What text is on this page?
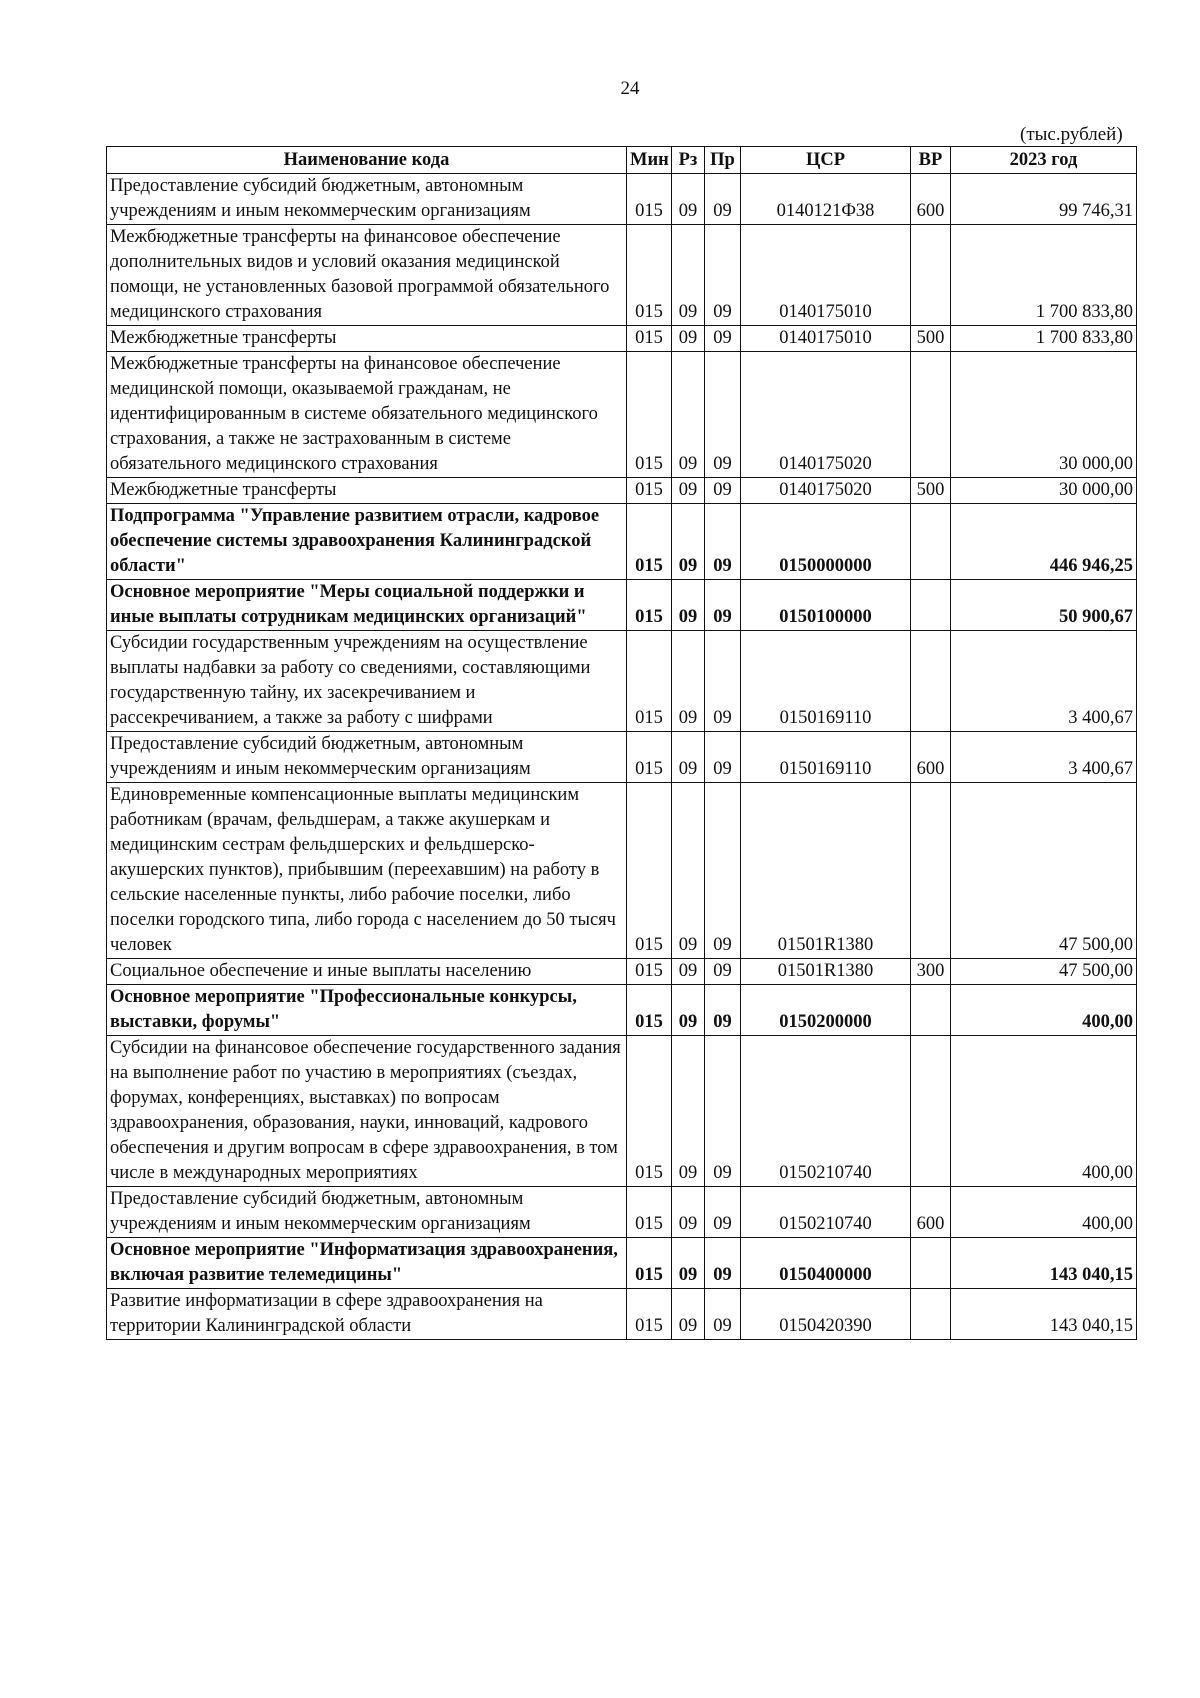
24
(тыс.рублей)
Наименование кода	Мин	Рз	Пр	ЦСР	ВР	2023 год
Предоставление субсидий бюджетным, автономным учреждениям и иным некоммерческим организациям	015	09	09	0140121Ф38	600	99 746,31
Межбюджетные трансферты на финансовое обеспечение дополнительных видов и условий оказания медицинской помощи, не установленных базовой программой обязательного медицинского страхования	015	09	09	0140175010		1 700 833,80
Межбюджетные трансферты	015	09	09	0140175010	500	1 700 833,80
Межбюджетные трансферты на финансовое обеспечение медицинской помощи, оказываемой гражданам, не идентифицированным в системе обязательного медицинского страхования, а также не застрахованным в системе обязательного медицинского страхования	015	09	09	0140175020		30 000,00
Межбюджетные трансферты	015	09	09	0140175020	500	30 000,00
Подпрограмма "Управление развитием отрасли, кадровое обеспечение системы здравоохранения Калининградской области"	015	09	09	0150000000		446 946,25
Основное мероприятие "Меры социальной поддержки и иные выплаты сотрудникам медицинских организаций"	015	09	09	0150100000		50 900,67
Субсидии государственным учреждениям на осуществление выплаты надбавки за работу со сведениями, составляющими государственную тайну, их засекречиванием и рассекречиванием, а также за работу с шифрами	015	09	09	0150169110		3 400,67
Предоставление субсидий бюджетным, автономным учреждениям и иным некоммерческим организациям	015	09	09	0150169110	600	3 400,67
Единовременные компенсационные выплаты медицинским работникам (врачам, фельдшерам, а также акушеркам и медицинским сестрам фельдшерских и фельдшерско-акушерских пунктов), прибывшим (переехавшим) на работу в сельские населенные пункты, либо рабочие поселки, либо поселки городского типа, либо города с населением до 50 тысяч человек	015	09	09	01501R1380		47 500,00
Социальное обеспечение и иные выплаты населению	015	09	09	01501R1380	300	47 500,00
Основное мероприятие "Профессиональные конкурсы, выставки, форумы"	015	09	09	0150200000		400,00
Субсидии на финансовое обеспечение государственного задания на выполнение работ по участию в мероприятиях (съездах, форумах, конференциях, выставках) по вопросам здравоохранения, образования, науки, инноваций, кадрового обеспечения и другим вопросам в сфере здравоохранения, в том числе в международных мероприятиях	015	09	09	0150210740		400,00
Предоставление субсидий бюджетным, автономным учреждениям и иным некоммерческим организациям	015	09	09	0150210740	600	400,00
Основное мероприятие "Информатизация здравоохранения, включая развитие телемедицины"	015	09	09	0150400000		143 040,15
Развитие информатизации в сфере здравоохранения на территории Калининградской области	015	09	09	0150420390		143 040,15
